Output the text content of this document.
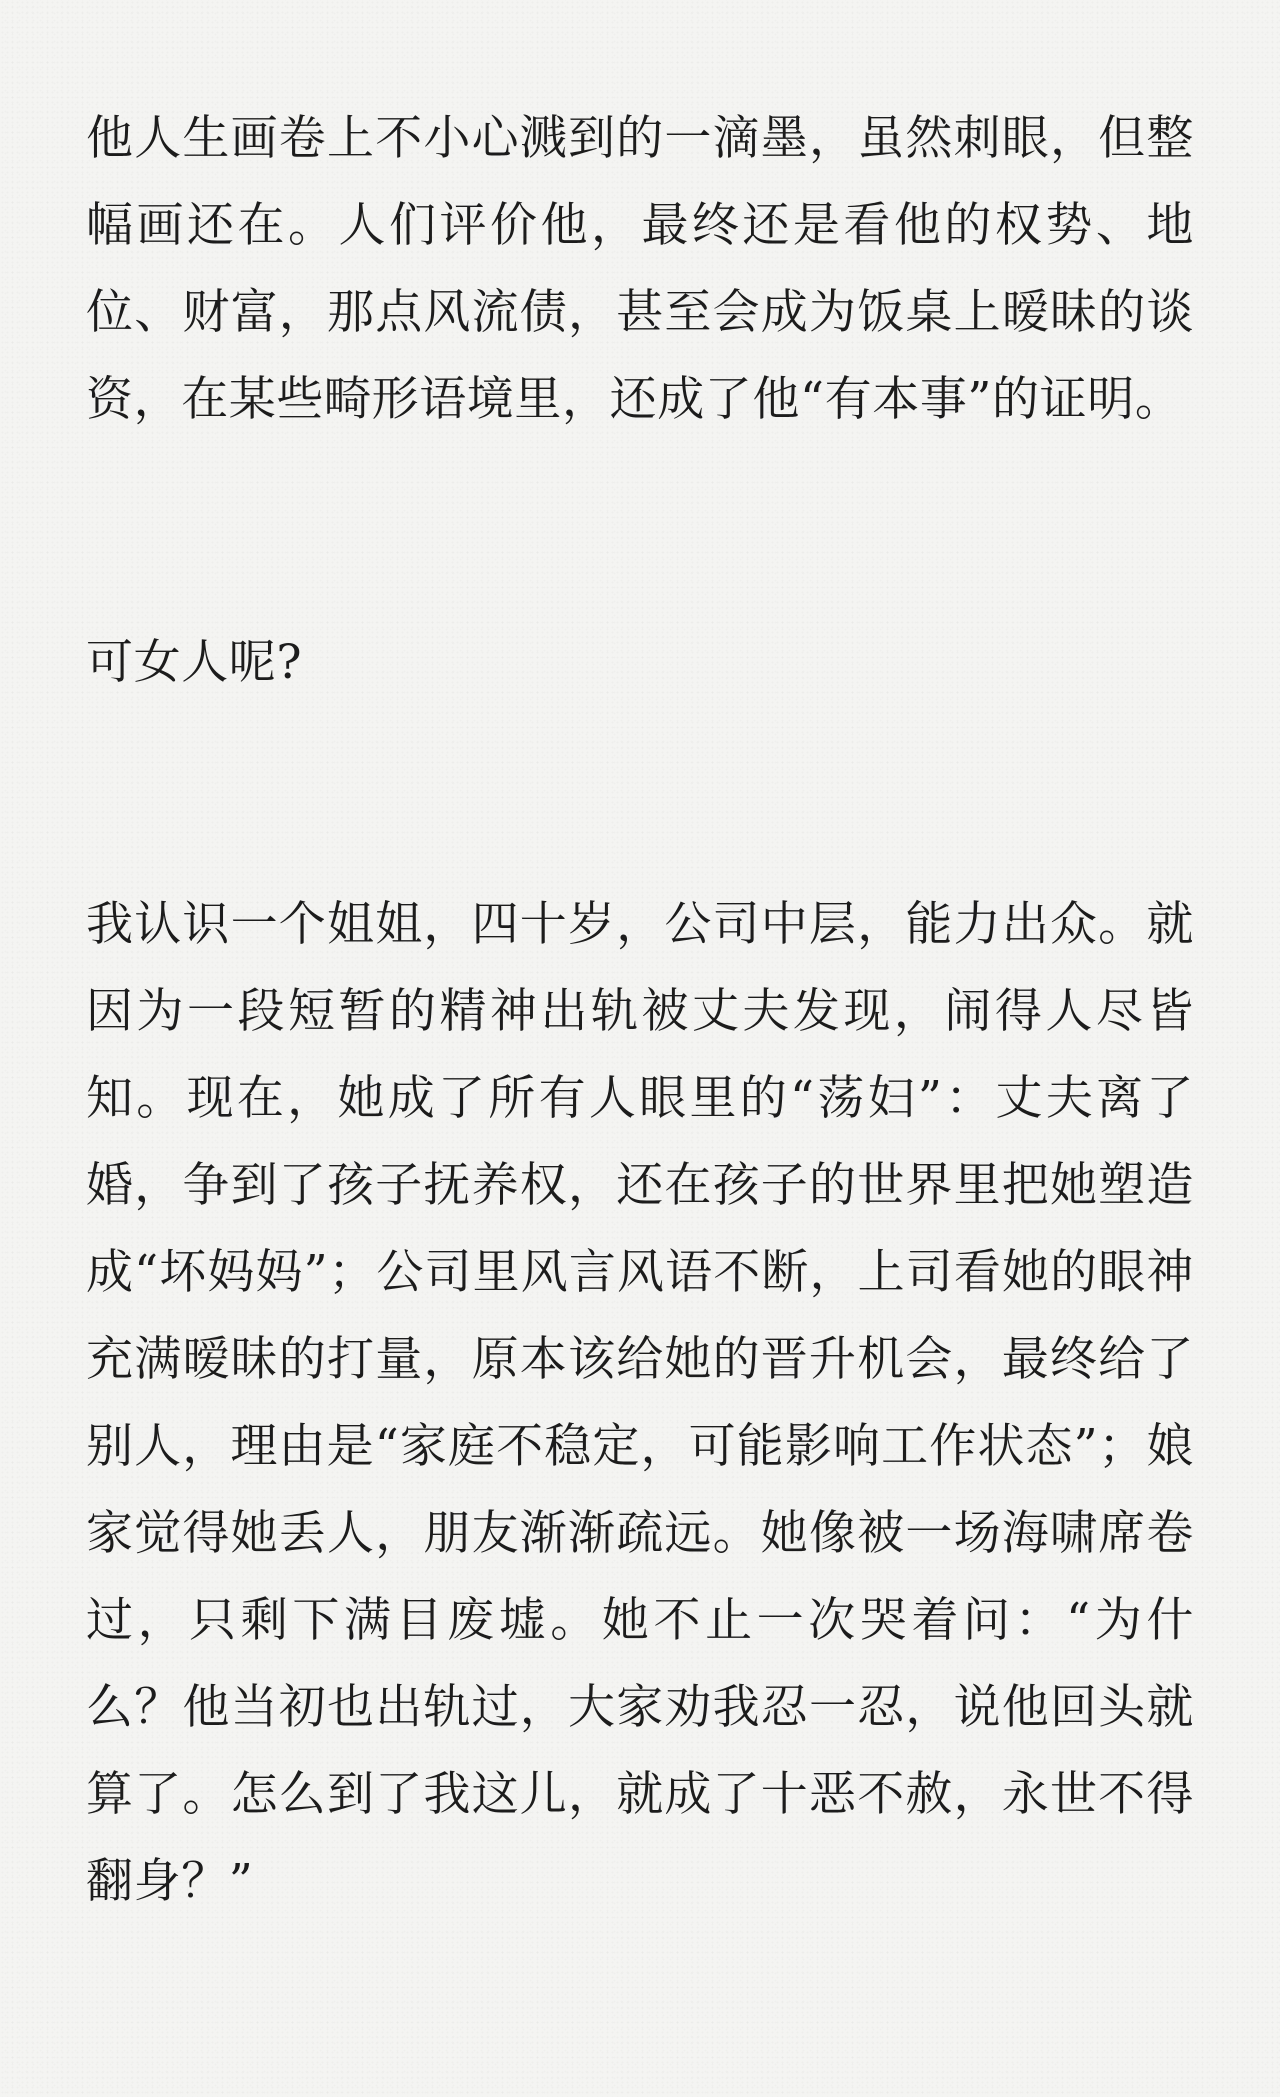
他人生画卷上不小心溅到的一滴墨，虽然刺眼，但整幅画还在。人们评价他，最终还是看他的权势、地位、财富，那点风流债，甚至会成为饭桌上暧昧的谈资，在某些畸形语境里，还成了他“有本事”的证明。

可女人呢?

我认识一个姐姐，四十岁，公司中层，能力出众。就因为一段短暂的精神出轨被丈夫发现，闹得人尽皆知。现在，她成了所有人眼里的“荡妇”：丈夫离了婚，争到了孩子抚养权，还在孩子的世界里把她塑造成“坏妈妈”；公司里风言风语不断，上司看她的眼神充满暧昧的打量，原本该给她的晋升机会，最终给了别人，理由是“家庭不稳定，可能影响工作状态”；娘家觉得她丢人，朋友渐渐疏远。她像被一场海啸席卷过，只剩下满目废墟。她不止一次哭着问：“为什么？他当初也出轨过，大家劝我忍一忍，说他回头就算了。怎么到了我这儿，就成了十恶不赦，永世不得翻身？”
